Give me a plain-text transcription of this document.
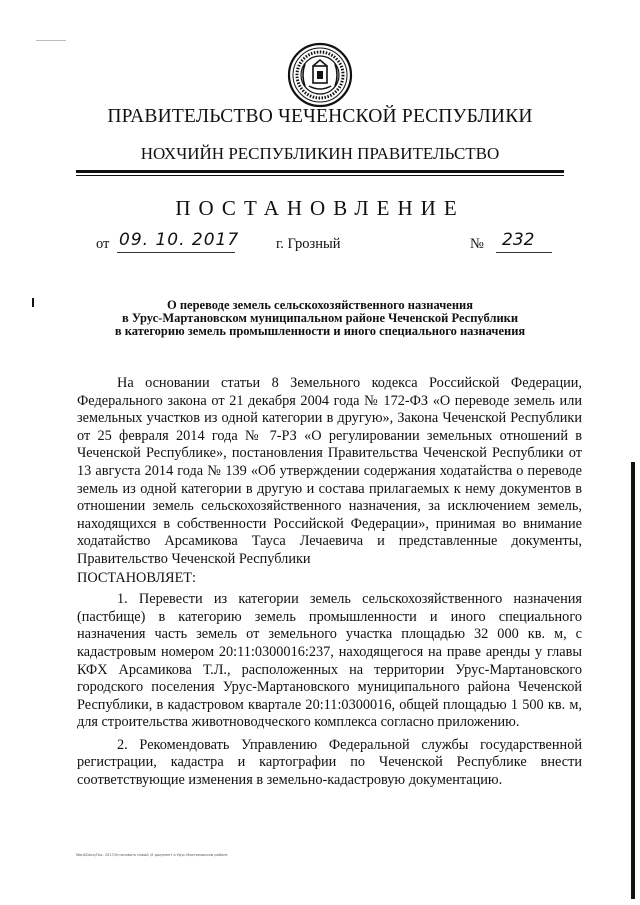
ПРАВИТЕЛЬСТВО ЧЕЧЕНСКОЙ РЕСПУБЛИКИ
НОХЧИЙН РЕСПУБЛИКИН ПРАВИТЕЛЬСТВО
ПОСТАНОВЛЕНИЕ
от 09. 10. 2017	г. Грозный	№ 232
О переводе земель сельскохозяйственного назначения
в Урус-Мартановском муниципальном районе Чеченской Республики
в категорию земель промышленности и иного специального назначения

На основании статьи 8 Земельного кодекса Российской Федерации, Федерального закона от 21 декабря 2004 года № 172-ФЗ «О переводе земель или земельных участков из одной категории в другую», Закона Чеченской Республики от 25 февраля 2014 года № 7-РЗ «О регулировании земельных отношений в Чеченской Республике», постановления Правительства Чеченской Республики от 13 августа 2014 года № 139 «Об утверждении содержания ходатайства о переводе земель из одной категории в другую и состава прилагаемых к нему документов в отношении земель сельскохозяйственного назначения, за исключением земель, находящихся в собственности Российской Федерации», принимая во внимание ходатайство Арсамикова Тауса Лечаевича и представленные документы, Правительство Чеченской Республики

ПОСТАНОВЛЯЕТ:

1. Перевести из категории земель сельскохозяйственного назначения (пастбище) в категорию земель промышленности и иного специального назначения часть земель от земельного участка площадью 32 000 кв. м, с кадастровым номером 20:11:0300016:237, находящегося на праве аренды у главы КФХ Арсамикова Т.Л., расположенных на территории Урус-Мартановского городского поселения Урус-Мартановского муниципального района Чеченской Республики, в кадастровом квартале 20:11:0300016, общей площадью 1 500 кв. м, для строительства животноводческого комплекса согласно приложению.

2. Рекомендовать Управлению Федеральной службы государственной регистрации, кадастра и картографии по Чеченской Республике внести соответствующие изменения в земельно-кадастровую документацию.

Word\Docs\Пос. 2017\Установить новый \Х документ о Урус-Мартановском районе
